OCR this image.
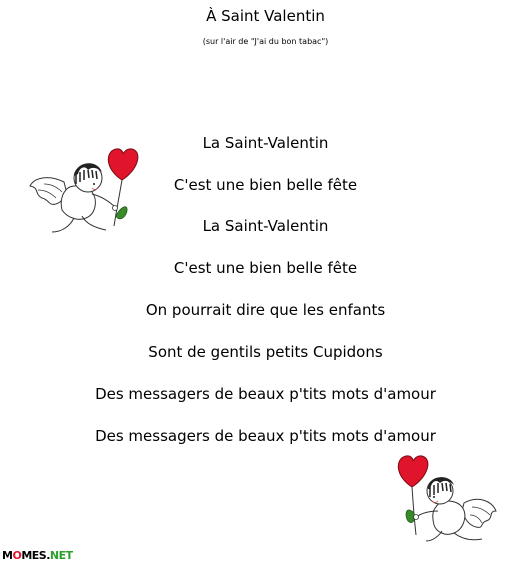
À Saint Valentin
(sur l'air de "J'ai du bon tabac")
La Saint-Valentin
C'est une bien belle fête
La Saint-Valentin
C'est une bien belle fête
On pourrait dire que les enfants
Sont de gentils petits Cupidons
Des messagers de beaux p'tits mots d'amour
Des messagers de beaux p'tits mots d'amour
MOMES.NET
